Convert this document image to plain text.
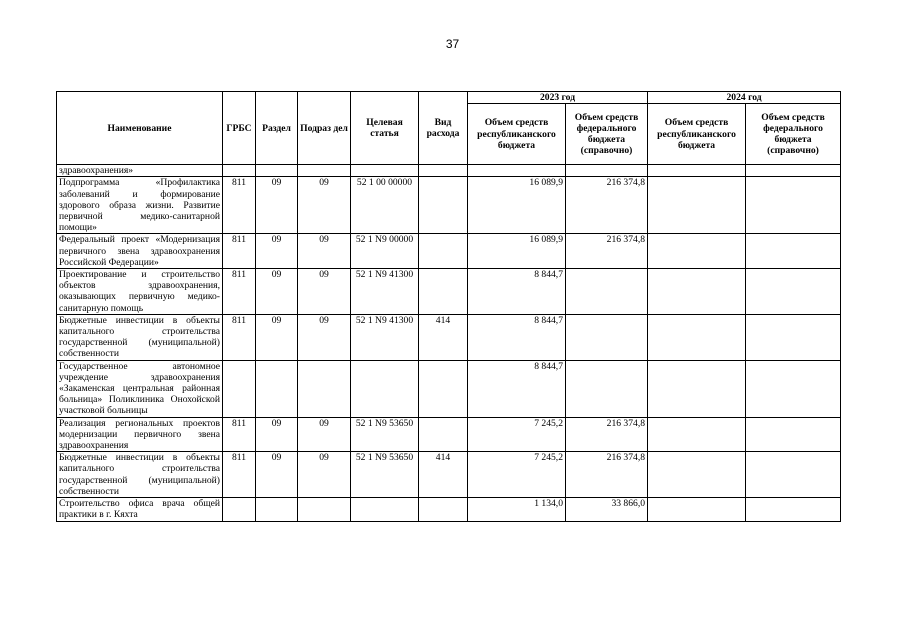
37
Наименование	ГРБС	Раздел	Подраз дел	Целевая статья	Вид расхода	2023 год		2024 год	
						Объем средств республиканского бюджета	Объем средств федерального бюджета (справочно)	Объем средств республиканского бюджета	Объем средств федерального бюджета (справочно)
здравоохранения»									
Подпрограмма «Профилактика заболеваний и формирование здорового образа жизни. Развитие первичной медико-санитарной помощи»	811	09	09	52 1 00 00000		16 089,9	216 374,8		
Федеральный проект «Модернизация первичного звена здравоохранения Российской Федерации»	811	09	09	52 1 N9 00000		16 089,9	216 374,8		
Проектирование и строительство объектов здравоохранения, оказывающих первичную медико-санитарную помощь	811	09	09	52 1 N9 41300		8 844,7			
Бюджетные инвестиции в объекты капитального строительства государственной (муниципальной) собственности	811	09	09	52 1 N9 41300	414	8 844,7			
Государственное автономное учреждение здравоохранения «Закаменская центральная районная больница» Поликлиника Онохойской участковой больницы						8 844,7			
Реализация региональных проектов модернизации первичного звена здравоохранения	811	09	09	52 1 N9 53650		7 245,2	216 374,8		
Бюджетные инвестиции в объекты капитального строительства государственной (муниципальной) собственности	811	09	09	52 1 N9 53650	414	7 245,2	216 374,8		
Строительство офиса врача общей практики в г. Кяхта						1 134,0	33 866,0		
